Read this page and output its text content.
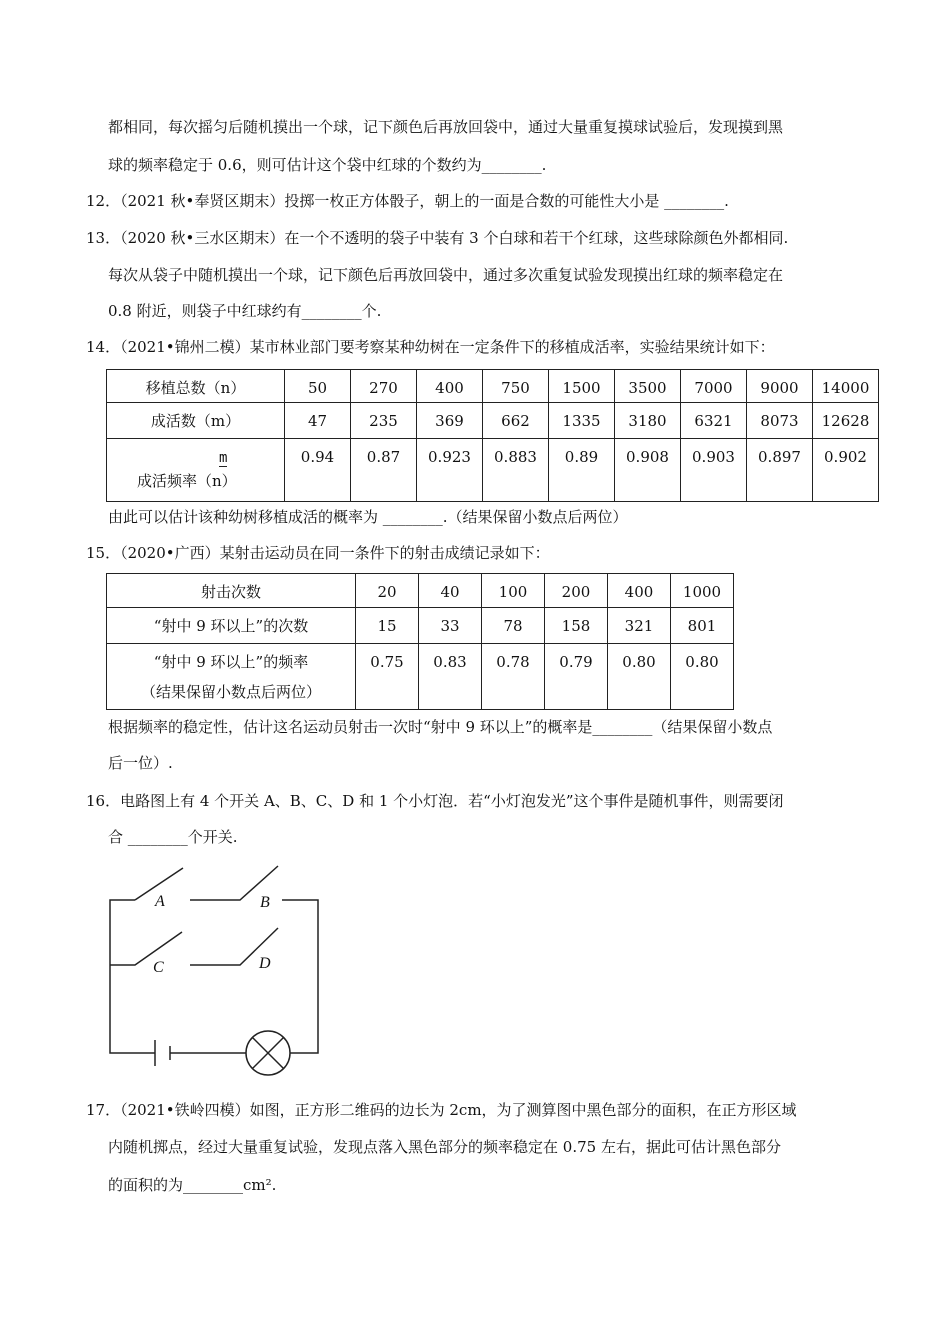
都相同，每次摇匀后随机摸出一个球，记下颜色后再放回袋中，通过大量重复摸球试验后，发现摸到黑
球的频率稳定于 0.6，则可估计这个袋中红球的个数约为________.
12．（2021 秋•奉贤区期末）投掷一枚正方体骰子，朝上的一面是合数的可能性大小是 ________.
13．（2020 秋•三水区期末）在一个不透明的袋子中装有 3 个白球和若干个红球，这些球除颜色外都相同.
每次从袋子中随机摸出一个球，记下颜色后再放回袋中，通过多次重复试验发现摸出红球的频率稳定在
0.8 附近，则袋子中红球约有________个.
14．（2021•锦州二模）某市林业部门要考察某种幼树在一定条件下的移植成活率，实验结果统计如下：
移植总数（n）	50	270	400	750	1500	3500	7000	9000	14000
成活数（m）	47	235	369	662	1335	3180	6321	8073	12628

m
成活频率（n）	0.94	0.87	0.923	0.883	0.89	0.908	0.903	0.897	0.902
由此可以估计该种幼树移植成活的概率为 ________.（结果保留小数点后两位）
15．（2020•广西）某射击运动员在同一条件下的射击成绩记录如下：
射击次数	20	40	100	200	400	1000
“射中 9 环以上”的次数	15	33	78	158	321	801

“射中 9 环以上”的频率
（结果保留小数点后两位）	0.75	0.83	0.78	0.79	0.80	0.80
根据频率的稳定性，估计这名运动员射击一次时“射中 9 环以上”的概率是________（结果保留小数点
后一位）.
16．电路图上有 4 个开关 A、B、C、D 和 1 个小灯泡．若“小灯泡发光”这个事件是随机事件，则需要闭
合 ________个开关.
A	B
C	D
17．（2021•铁岭四模）如图，正方形二维码的边长为 2cm，为了测算图中黑色部分的面积，在正方形区域
内随机掷点，经过大量重复试验，发现点落入黑色部分的频率稳定在 0.75 左右，据此可估计黑色部分
的面积的为________cm².
